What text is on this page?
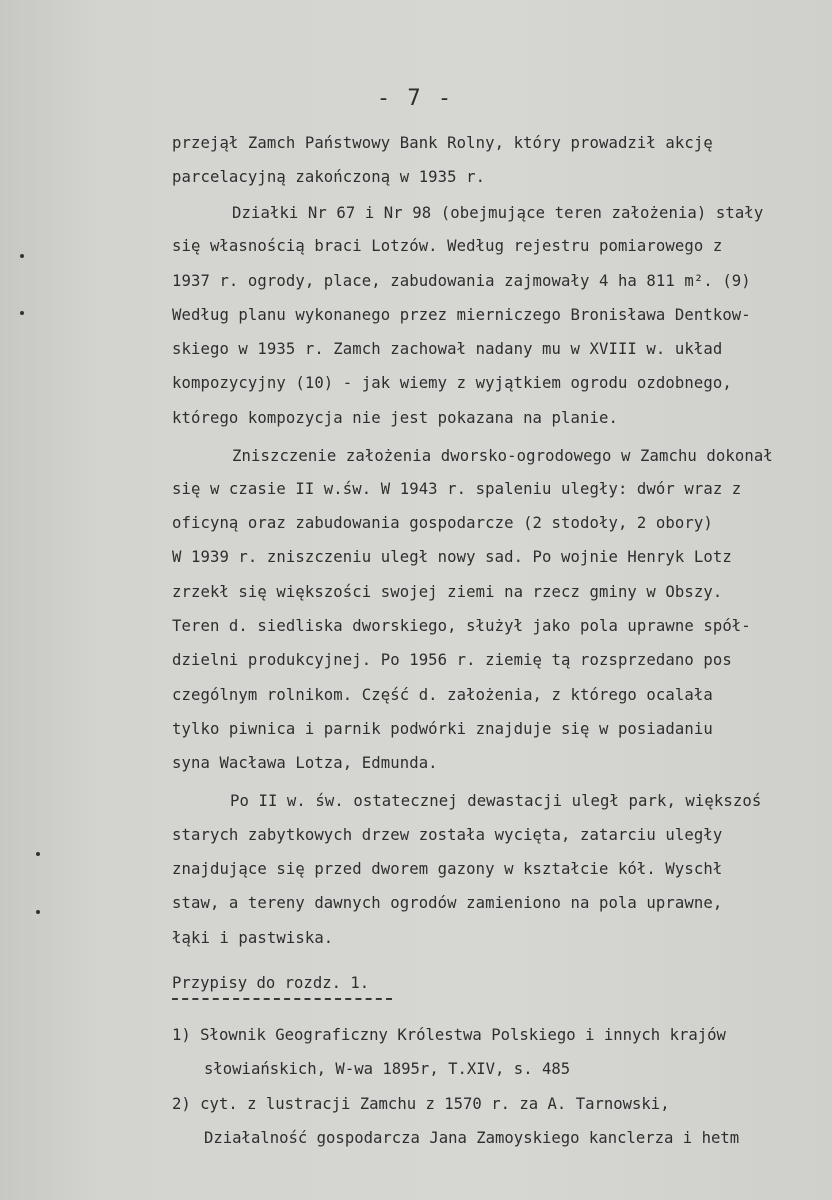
- 7 -
przejął Zamch Państwowy Bank Rolny, który prowadził akcję
parcelacyjną zakończoną w 1935 r.
Działki Nr 67 i Nr 98 (obejmujące teren założenia) stały
się własnością braci Lotzów. Według rejestru pomiarowego z
1937 r. ogrody, place, zabudowania zajmowały 4 ha 811 m². (9)
Według planu wykonanego przez mierniczego Bronisława Dentkow-
skiego w 1935 r. Zamch zachował nadany mu w XVIII w. układ
kompozycyjny (10) - jak wiemy z wyjątkiem ogrodu ozdobnego,
którego kompozycja nie jest pokazana na planie.
Zniszczenie założenia dworsko-ogrodowego w Zamchu dokonał
się w czasie II w.św. W 1943 r. spaleniu uległy: dwór wraz z
oficyną oraz zabudowania gospodarcze (2 stodoły, 2 obory)
W 1939 r. zniszczeniu uległ nowy sad. Po wojnie Henryk Lotz
zrzekł się większości swojej ziemi na rzecz gminy w Obszy.
Teren d. siedliska dworskiego, służył jako pola uprawne spół-
dzielni produkcyjnej. Po 1956 r. ziemię tą rozsprzedano pos
czególnym rolnikom. Część d. założenia, z którego ocalała
tylko piwnica i parnik podwórki znajduje się w posiadaniu
syna Wacława Lotza, Edmunda.
Po II w. św. ostatecznej dewastacji uległ park, większoś
starych zabytkowych drzew została wycięta, zatarciu uległy
znajdujące się przed dworem gazony w kształcie kół. Wyschł
staw, a tereny dawnych ogrodów zamieniono na pola uprawne,
łąki i pastwiska.
Przypisy do rozdz. 1.
1) Słownik Geograficzny Królestwa Polskiego i innych krajów
słowiańskich, W-wa 1895r, T.XIV, s. 485
2) cyt. z lustracji Zamchu z 1570 r. za A. Tarnowski,
Działalność gospodarcza Jana Zamoyskiego kanclerza i hetm
